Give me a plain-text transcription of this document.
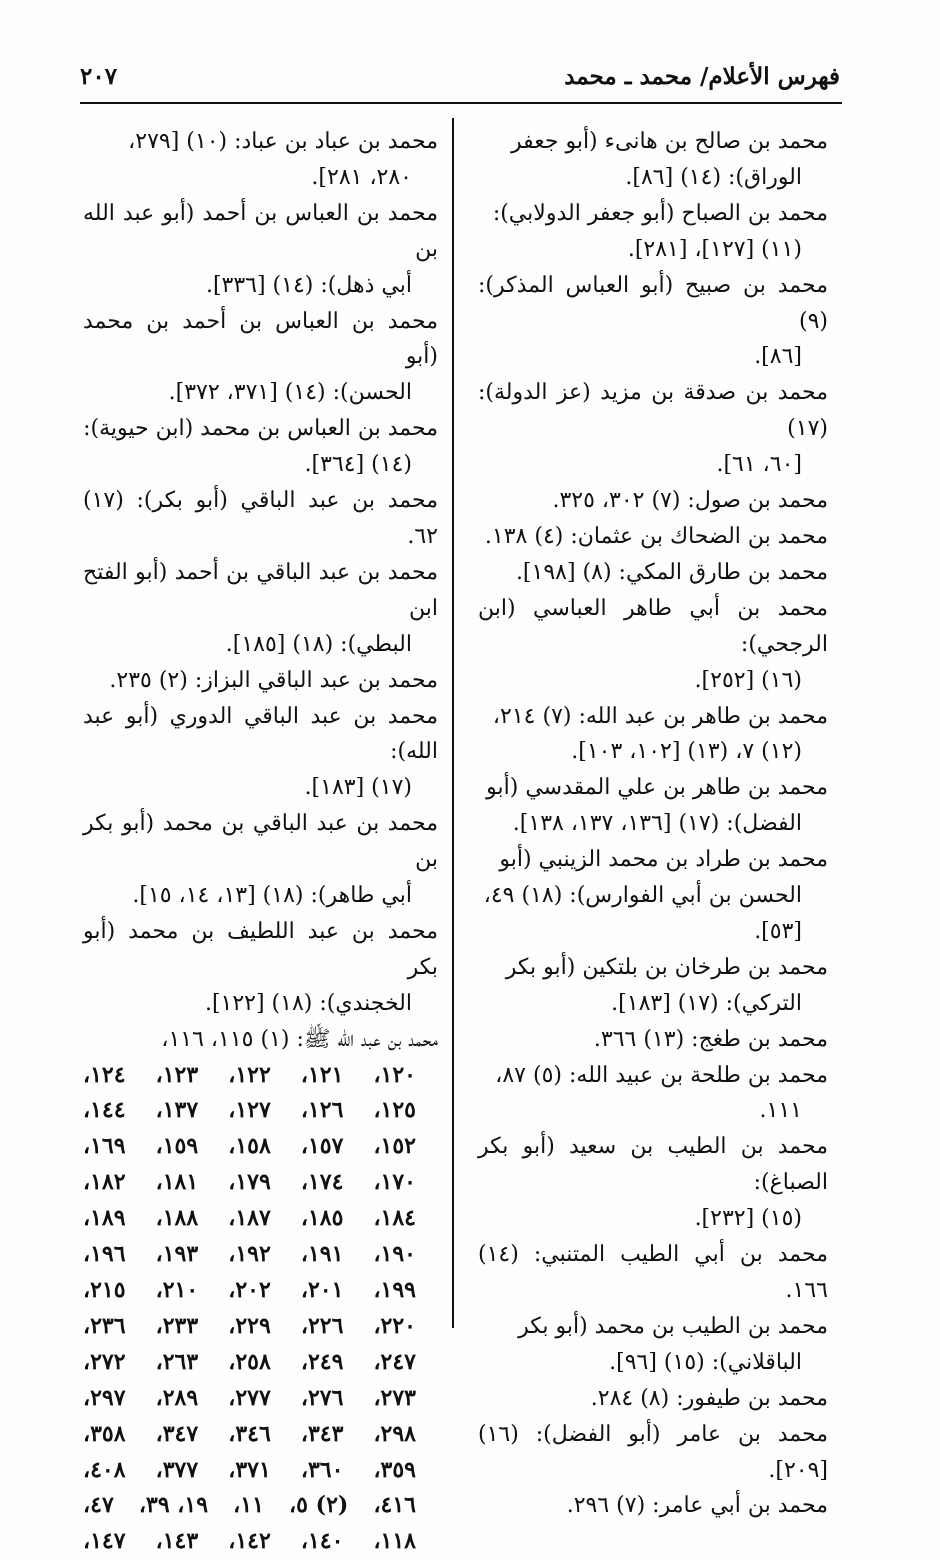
فهرس الأعلام/ محمد ـ محمد
٢٠٧
محمد بن صالح بن هانىء (أبو جعفر
الوراق): (١٤) [٨٦].
محمد بن الصباح (أبو جعفر الدولابي):
(١١) [١٢٧]، [٢٨١].
محمد بن صبيح (أبو العباس المذكر): (٩)
[٨٦].
محمد بن صدقة بن مزيد (عز الدولة): (١٧)
[٦٠، ٦١].
محمد بن صول: (٧) ٣٠٢، ٣٢٥.
محمد بن الضحاك بن عثمان: (٤) ١٣٨.
محمد بن طارق المكي: (٨) [١٩٨].
محمد بن أبي طاهر العباسي (ابن الرجحي):
(١٦) [٢٥٢].
محمد بن طاهر بن عبد الله: (٧) ٢١٤،
(١٢) ٧، (١٣) [١٠٢، ١٠٣].
محمد بن طاهر بن علي المقدسي (أبو
الفضل): (١٧) [١٣٦، ١٣٧، ١٣٨].
محمد بن طراد بن محمد الزينبي (أبو
الحسن بن أبي الفوارس): (١٨) ٤٩،
[٥٣].
محمد بن طرخان بن بلتكين (أبو بكر
التركي): (١٧) [١٨٣].
محمد بن طغج: (١٣) ٣٦٦.
محمد بن طلحة بن عبيد الله: (٥) ٨٧،
١١١.
محمد بن الطيب بن سعيد (أبو بكر الصباغ):
(١٥) [٢٣٢].
محمد بن أبي الطيب المتنبي: (١٤) ١٦٦.
محمد بن الطيب بن محمد (أبو بكر
الباقلاني): (١٥) [٩٦].
محمد بن طيفور: (٨) ٢٨٤.
محمد بن عامر (أبو الفضل): (١٦) [٢٠٩].
محمد بن أبي عامر: (٧) ٢٩٦.
محمد بن عباد بن عباد: (١٠) [٢٧٩،
٢٨٠، ٢٨١].
محمد بن العباس بن أحمد (أبو عبد الله بن
أبي ذهل): (١٤) [٣٣٦].
محمد بن العباس بن أحمد بن محمد (أبو
الحسن): (١٤) [٣٧١، ٣٧٢].
محمد بن العباس بن محمد (ابن حيوية):
(١٤) [٣٦٤].
محمد بن عبد الباقي (أبو بكر): (١٧) ٦٢.
محمد بن عبد الباقي بن أحمد (أبو الفتح ابن
البطي): (١٨) [١٨٥].
محمد بن عبد الباقي البزاز: (٢) ٢٣٥.
محمد بن عبد الباقي الدوري (أبو عبد الله):
(١٧) [١٨٣].
محمد بن عبد الباقي بن محمد (أبو بكر بن
أبي طاهر): (١٨) [١٣، ١٤، ١٥].
محمد بن عبد اللطيف بن محمد (أبو بكر
الخجندي): (١٨) [١٢٢].
محمد بن عبد الله ﷺ: (١) ١١٥، ١١٦،
١٢٠،
١٢١،
١٢٢،
١٢٣،
١٢٤،
١٢٥،
١٢٦،
١٢٧،
١٣٧،
١٤٤،
١٥٢،
١٥٧،
١٥٨،
١٥٩،
١٦٩،
١٧٠،
١٧٤،
١٧٩،
١٨١،
١٨٢،
١٨٤،
١٨٥،
١٨٧،
١٨٨،
١٨٩،
١٩٠،
١٩١،
١٩٢،
١٩٣،
١٩٦،
١٩٩،
٢٠١،
٢٠٢،
٢١٠،
٢١٥،
٢٢٠،
٢٢٦،
٢٢٩،
٢٣٣،
٢٣٦،
٢٤٧،
٢٤٩،
٢٥٨،
٢٦٣،
٢٧٢،
٢٧٣،
٢٧٦،
٢٧٧،
٢٨٩،
٢٩٧،
٢٩٨،
٣٤٣،
٣٤٦،
٣٤٧،
٣٥٨،
٣٥٩،
٣٦٠،
٣٧١،
٣٧٧،
٤٠٨،
٤١٦،
(٢) ٥،
١١،
١٩، ٣٩،
٤٧،
١١٨،
١٤٠،
١٤٢،
١٤٣،
١٤٧،
